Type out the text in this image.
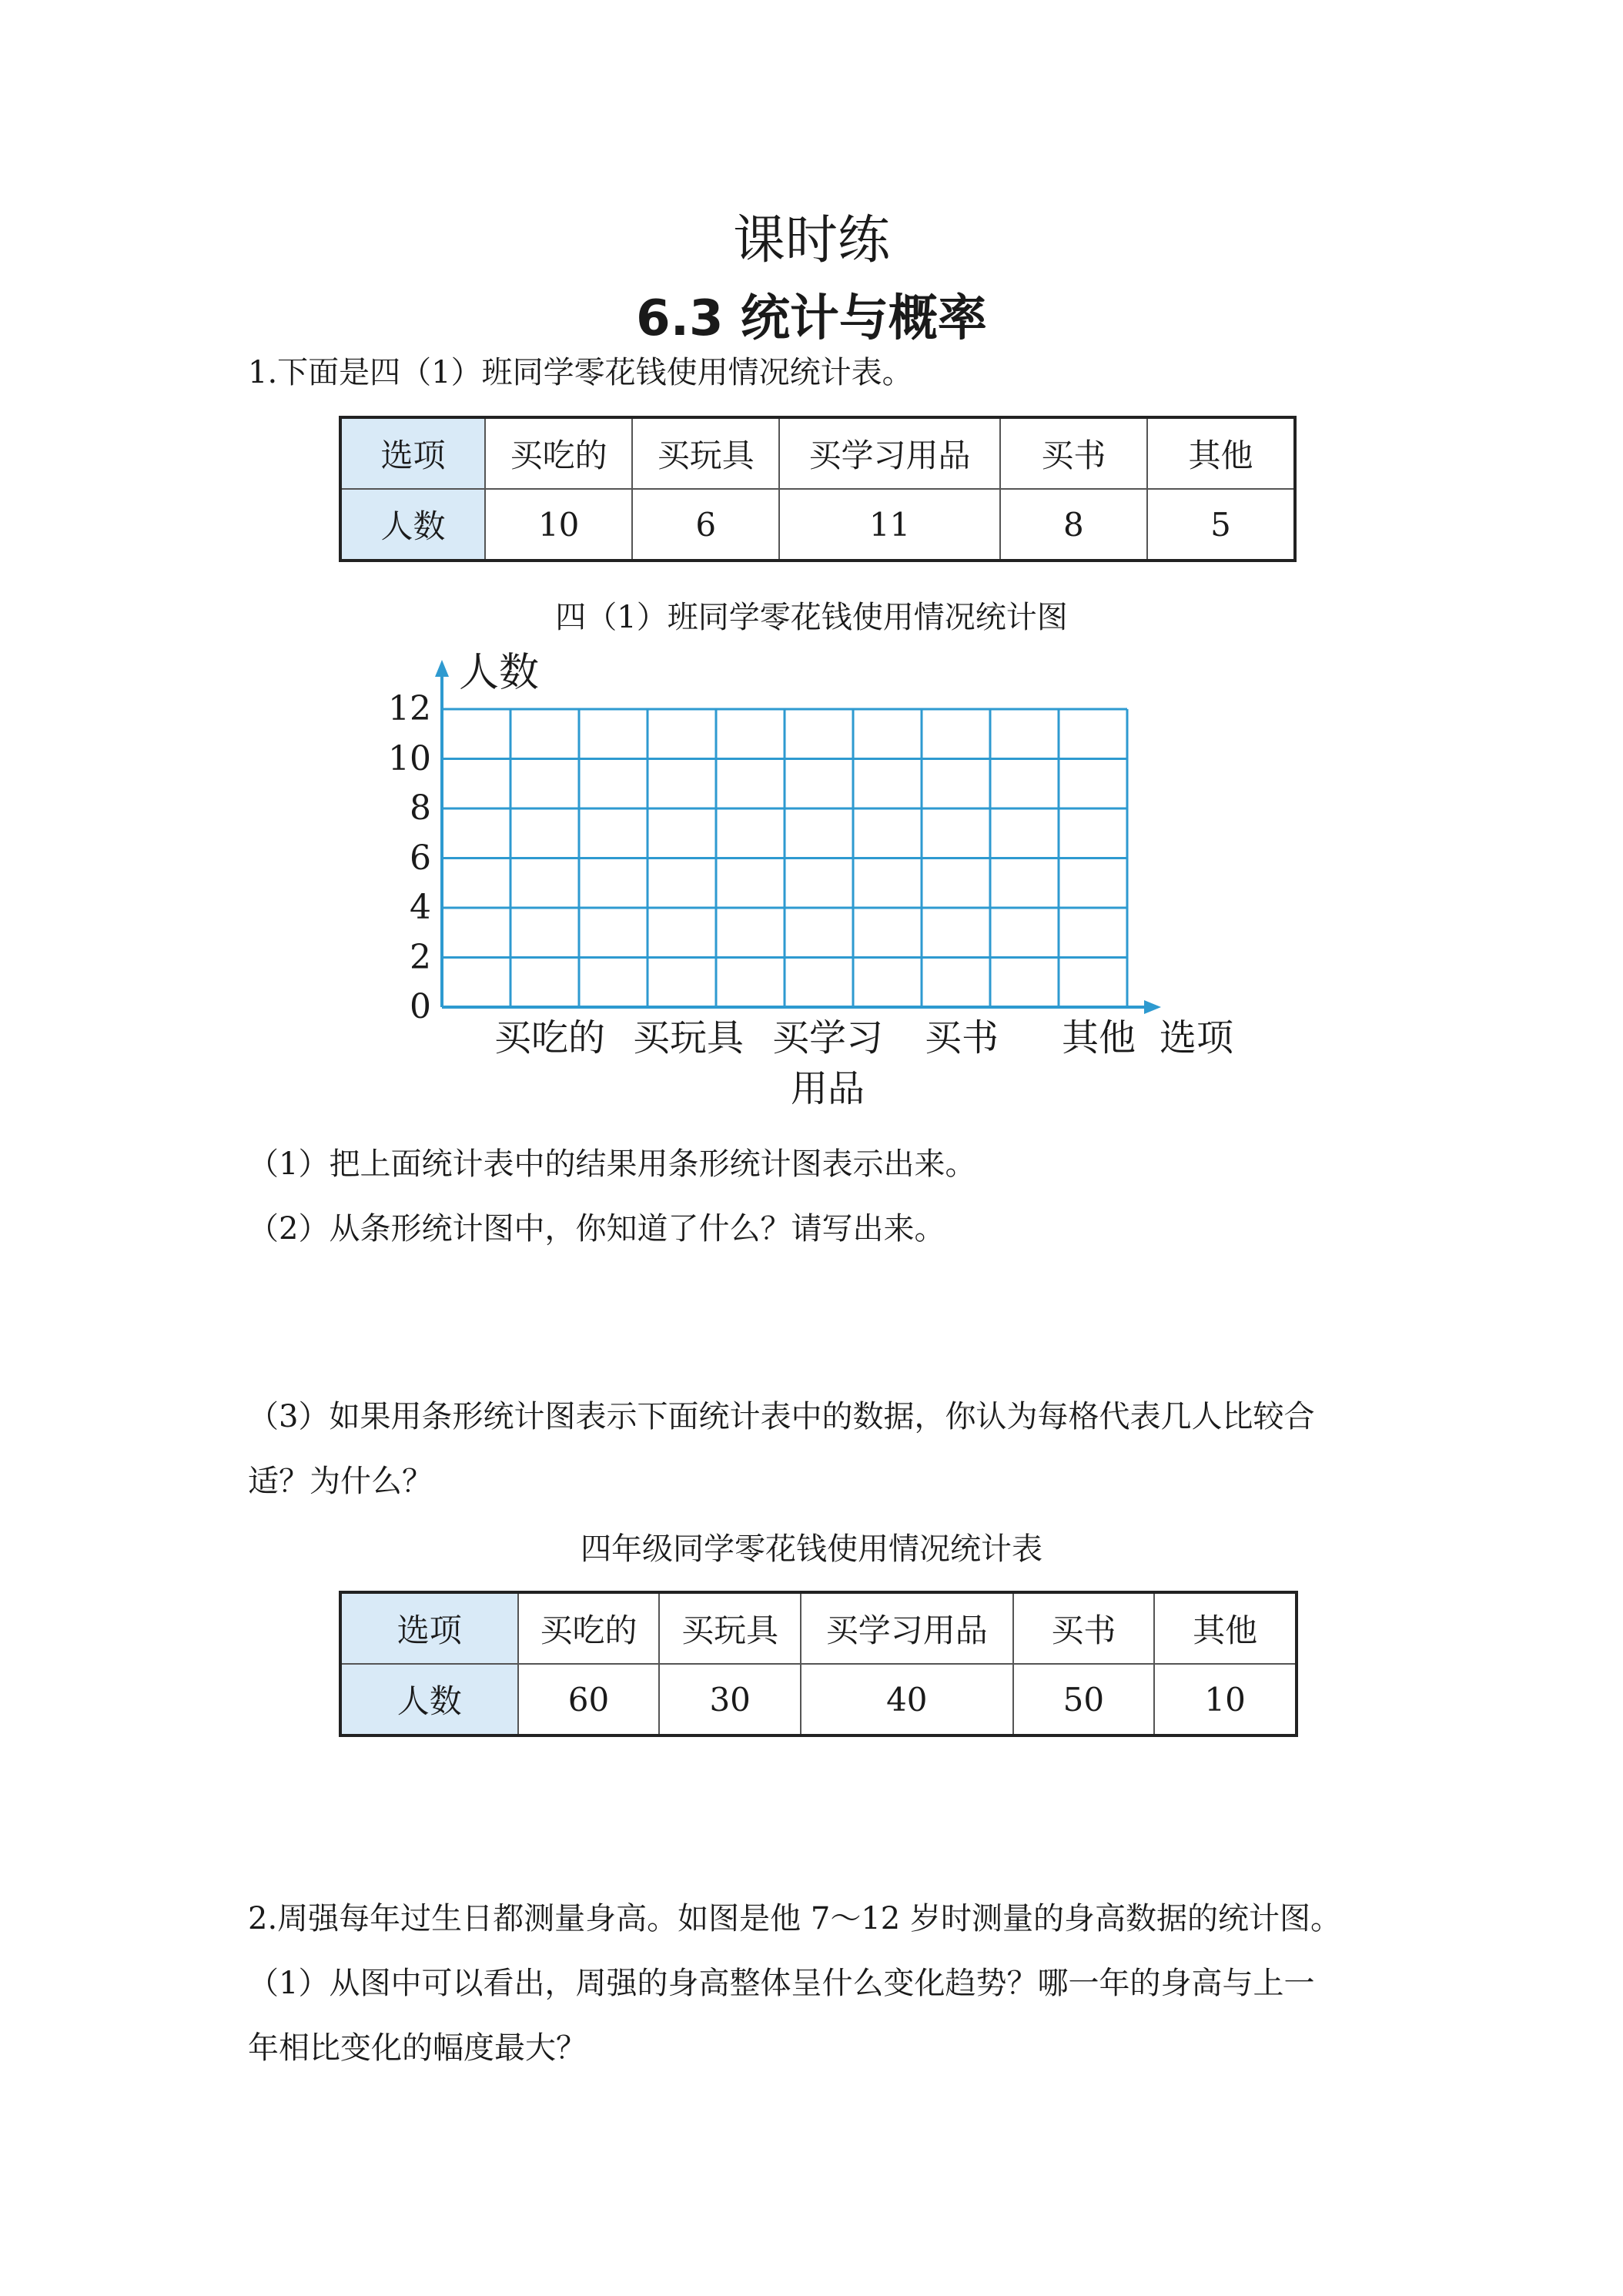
课时练
6.3 统计与概率
1.下面是四（1）班同学零花钱使用情况统计表。
选项	买吃的	买玩具	买学习用品	买书	其他
人数	10	6	11	8	5
四（1）班同学零花钱使用情况统计图
人数
0
2
4
6
8
10
12
买吃的 买玩具 买学习
用品
买书 其他 选项
（1）把上面统计表中的结果用条形统计图表示出来。
（2）从条形统计图中，你知道了什么？请写出来。
（3）如果用条形统计图表示下面统计表中的数据，你认为每格代表几人比较合
适？为什么？
四年级同学零花钱使用情况统计表
选项	买吃的	买玩具	买学习用品	买书	其他
人数	60	30	40	50	10
2.周强每年过生日都测量身高。如图是他 7～12 岁时测量的身高数据的统计图。
（1）从图中可以看出，周强的身高整体呈什么变化趋势？哪一年的身高与上一
年相比变化的幅度最大？
